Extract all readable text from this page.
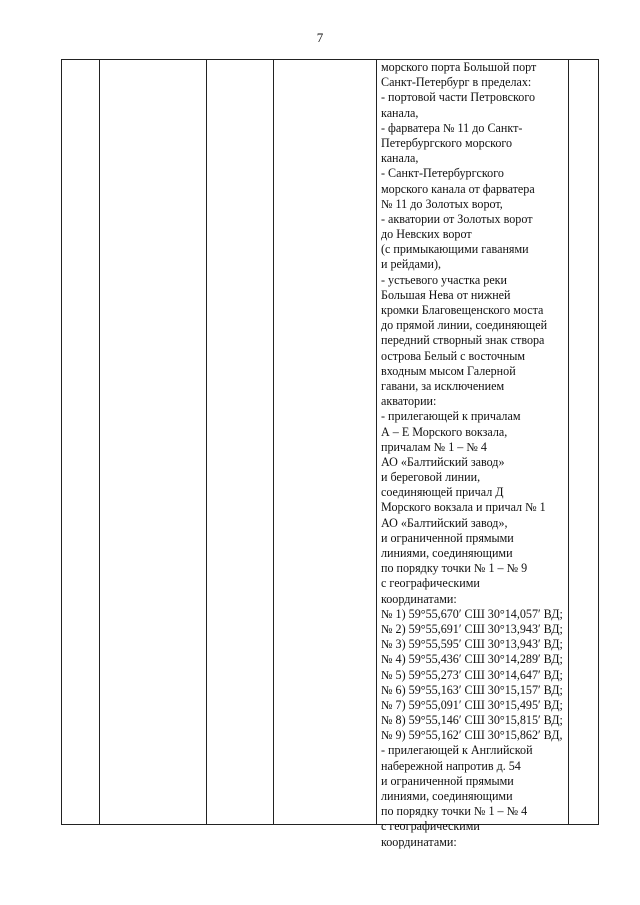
7
морского порта Большой порт
Санкт-Петербург в пределах:
- портовой части Петровского
канала,
- фарватера № 11 до Санкт-
Петербургского морского
канала,
- Санкт-Петербургского
морского канала от фарватера
№ 11 до Золотых ворот,
- акватории от Золотых ворот
до Невских ворот
(с примыкающими гаванями
и рейдами),
- устьевого участка реки
Большая Нева от нижней
кромки Благовещенского моста
до прямой линии, соединяющей
передний створный знак створа
острова Белый с восточным
входным мысом Галерной
гавани, за исключением
акватории:
- прилегающей к причалам
А – Е Морского вокзала,
причалам № 1 – № 4
АО «Балтийский завод»
и береговой линии,
соединяющей причал Д
Морского вокзала и причал № 1
АО «Балтийский завод»,
и ограниченной прямыми
линиями, соединяющими
по порядку точки № 1 – № 9
с географическими
координатами:
№ 1) 59°55,670′ СШ 30°14,057′ ВД;
№ 2) 59°55,691′ СШ 30°13,943′ ВД;
№ 3) 59°55,595′ СШ 30°13,943′ ВД;
№ 4) 59°55,436′ СШ 30°14,289′ ВД;
№ 5) 59°55,273′ СШ 30°14,647′ ВД;
№ 6) 59°55,163′ СШ 30°15,157′ ВД;
№ 7) 59°55,091′ СШ 30°15,495′ ВД;
№ 8) 59°55,146′ СШ 30°15,815′ ВД;
№ 9) 59°55,162′ СШ 30°15,862′ ВД,
- прилегающей к Английской
набережной напротив д. 54
и ограниченной прямыми
линиями, соединяющими
по порядку точки № 1 – № 4
с географическими
координатами:
